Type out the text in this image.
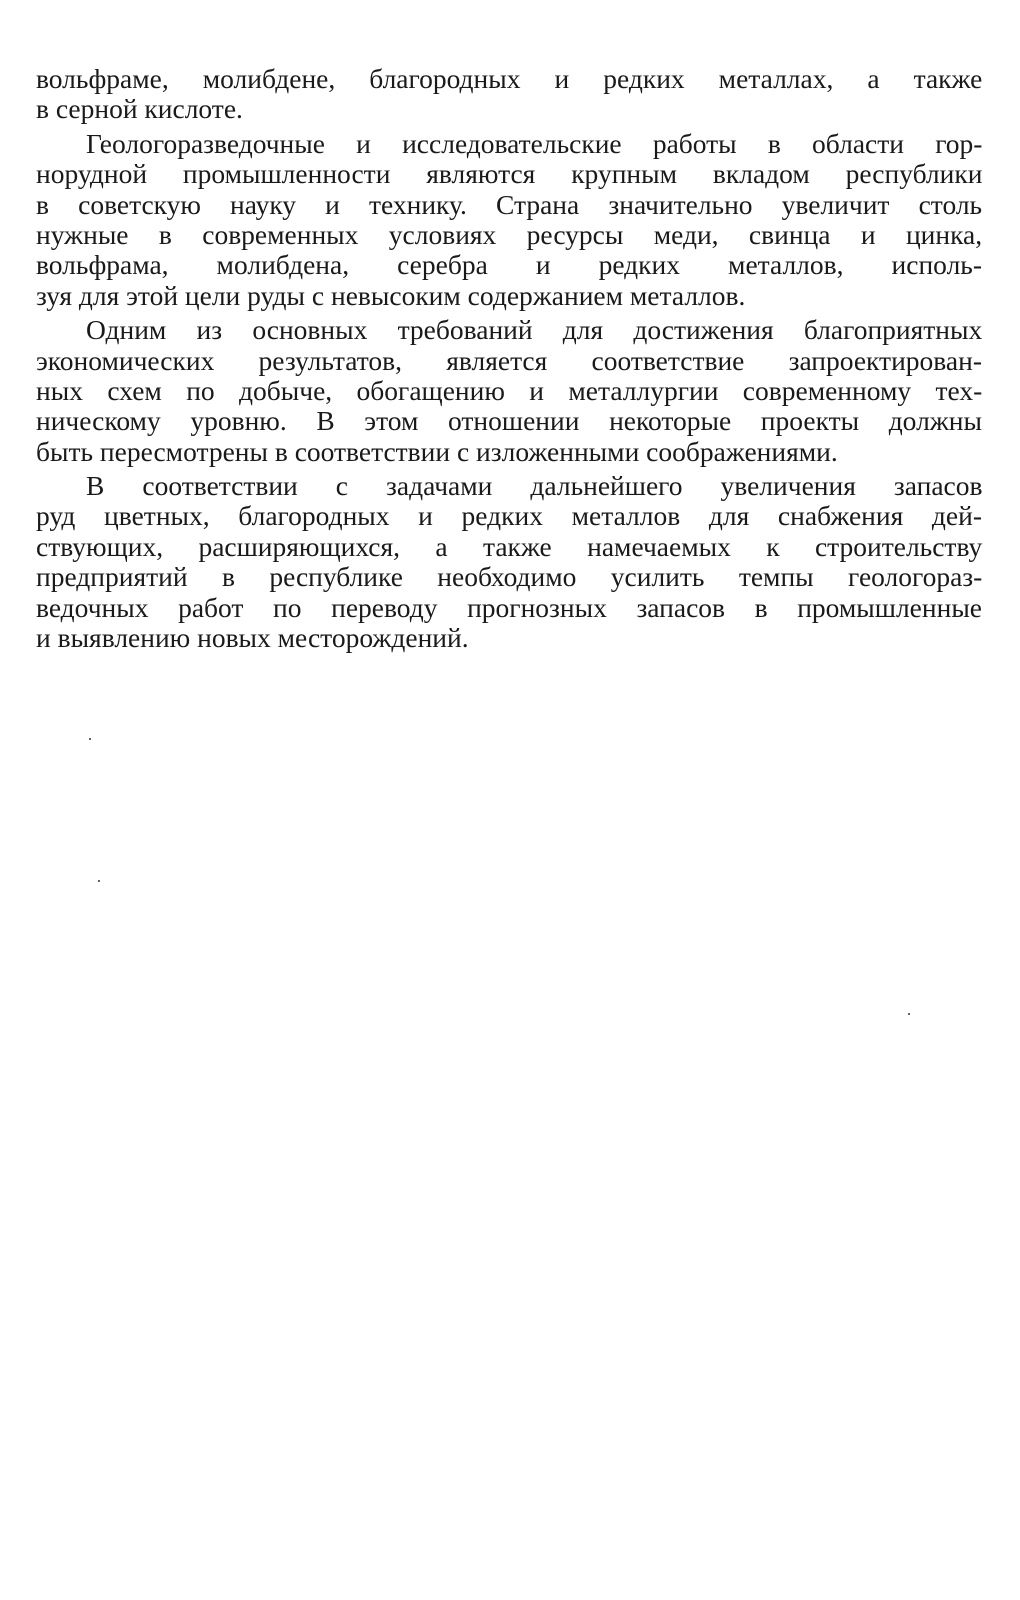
вольфраме, молибдене, благородных и редких металлах, а также
в серной кислоте.
Геологоразведочные и исследовательские работы в области гор-
норудной промышленности являются крупным вкладом республики
в советскую науку и технику. Страна значительно увеличит столь
нужные в современных условиях ресурсы меди, свинца и цинка,
вольфрама, молибдена, серебра и редких металлов, исполь-
зуя для этой цели руды с невысоким содержанием металлов.
Одним из основных требований для достижения благоприятных
экономических результатов, является соответствие запроектирован-
ных схем по добыче, обогащению и металлургии современному тех-
ническому уровню. В этом отношении некоторые проекты должны
быть пересмотрены в соответствии с изложенными соображениями.
В соответствии с задачами дальнейшего увеличения запасов
руд цветных, благородных и редких металлов для снабжения дей-
ствующих, расширяющихся, а также намечаемых к строительству
предприятий в республике необходимо усилить темпы геологораз-
ведочных работ по переводу прогнозных запасов в промышленные
и выявлению новых месторождений.
